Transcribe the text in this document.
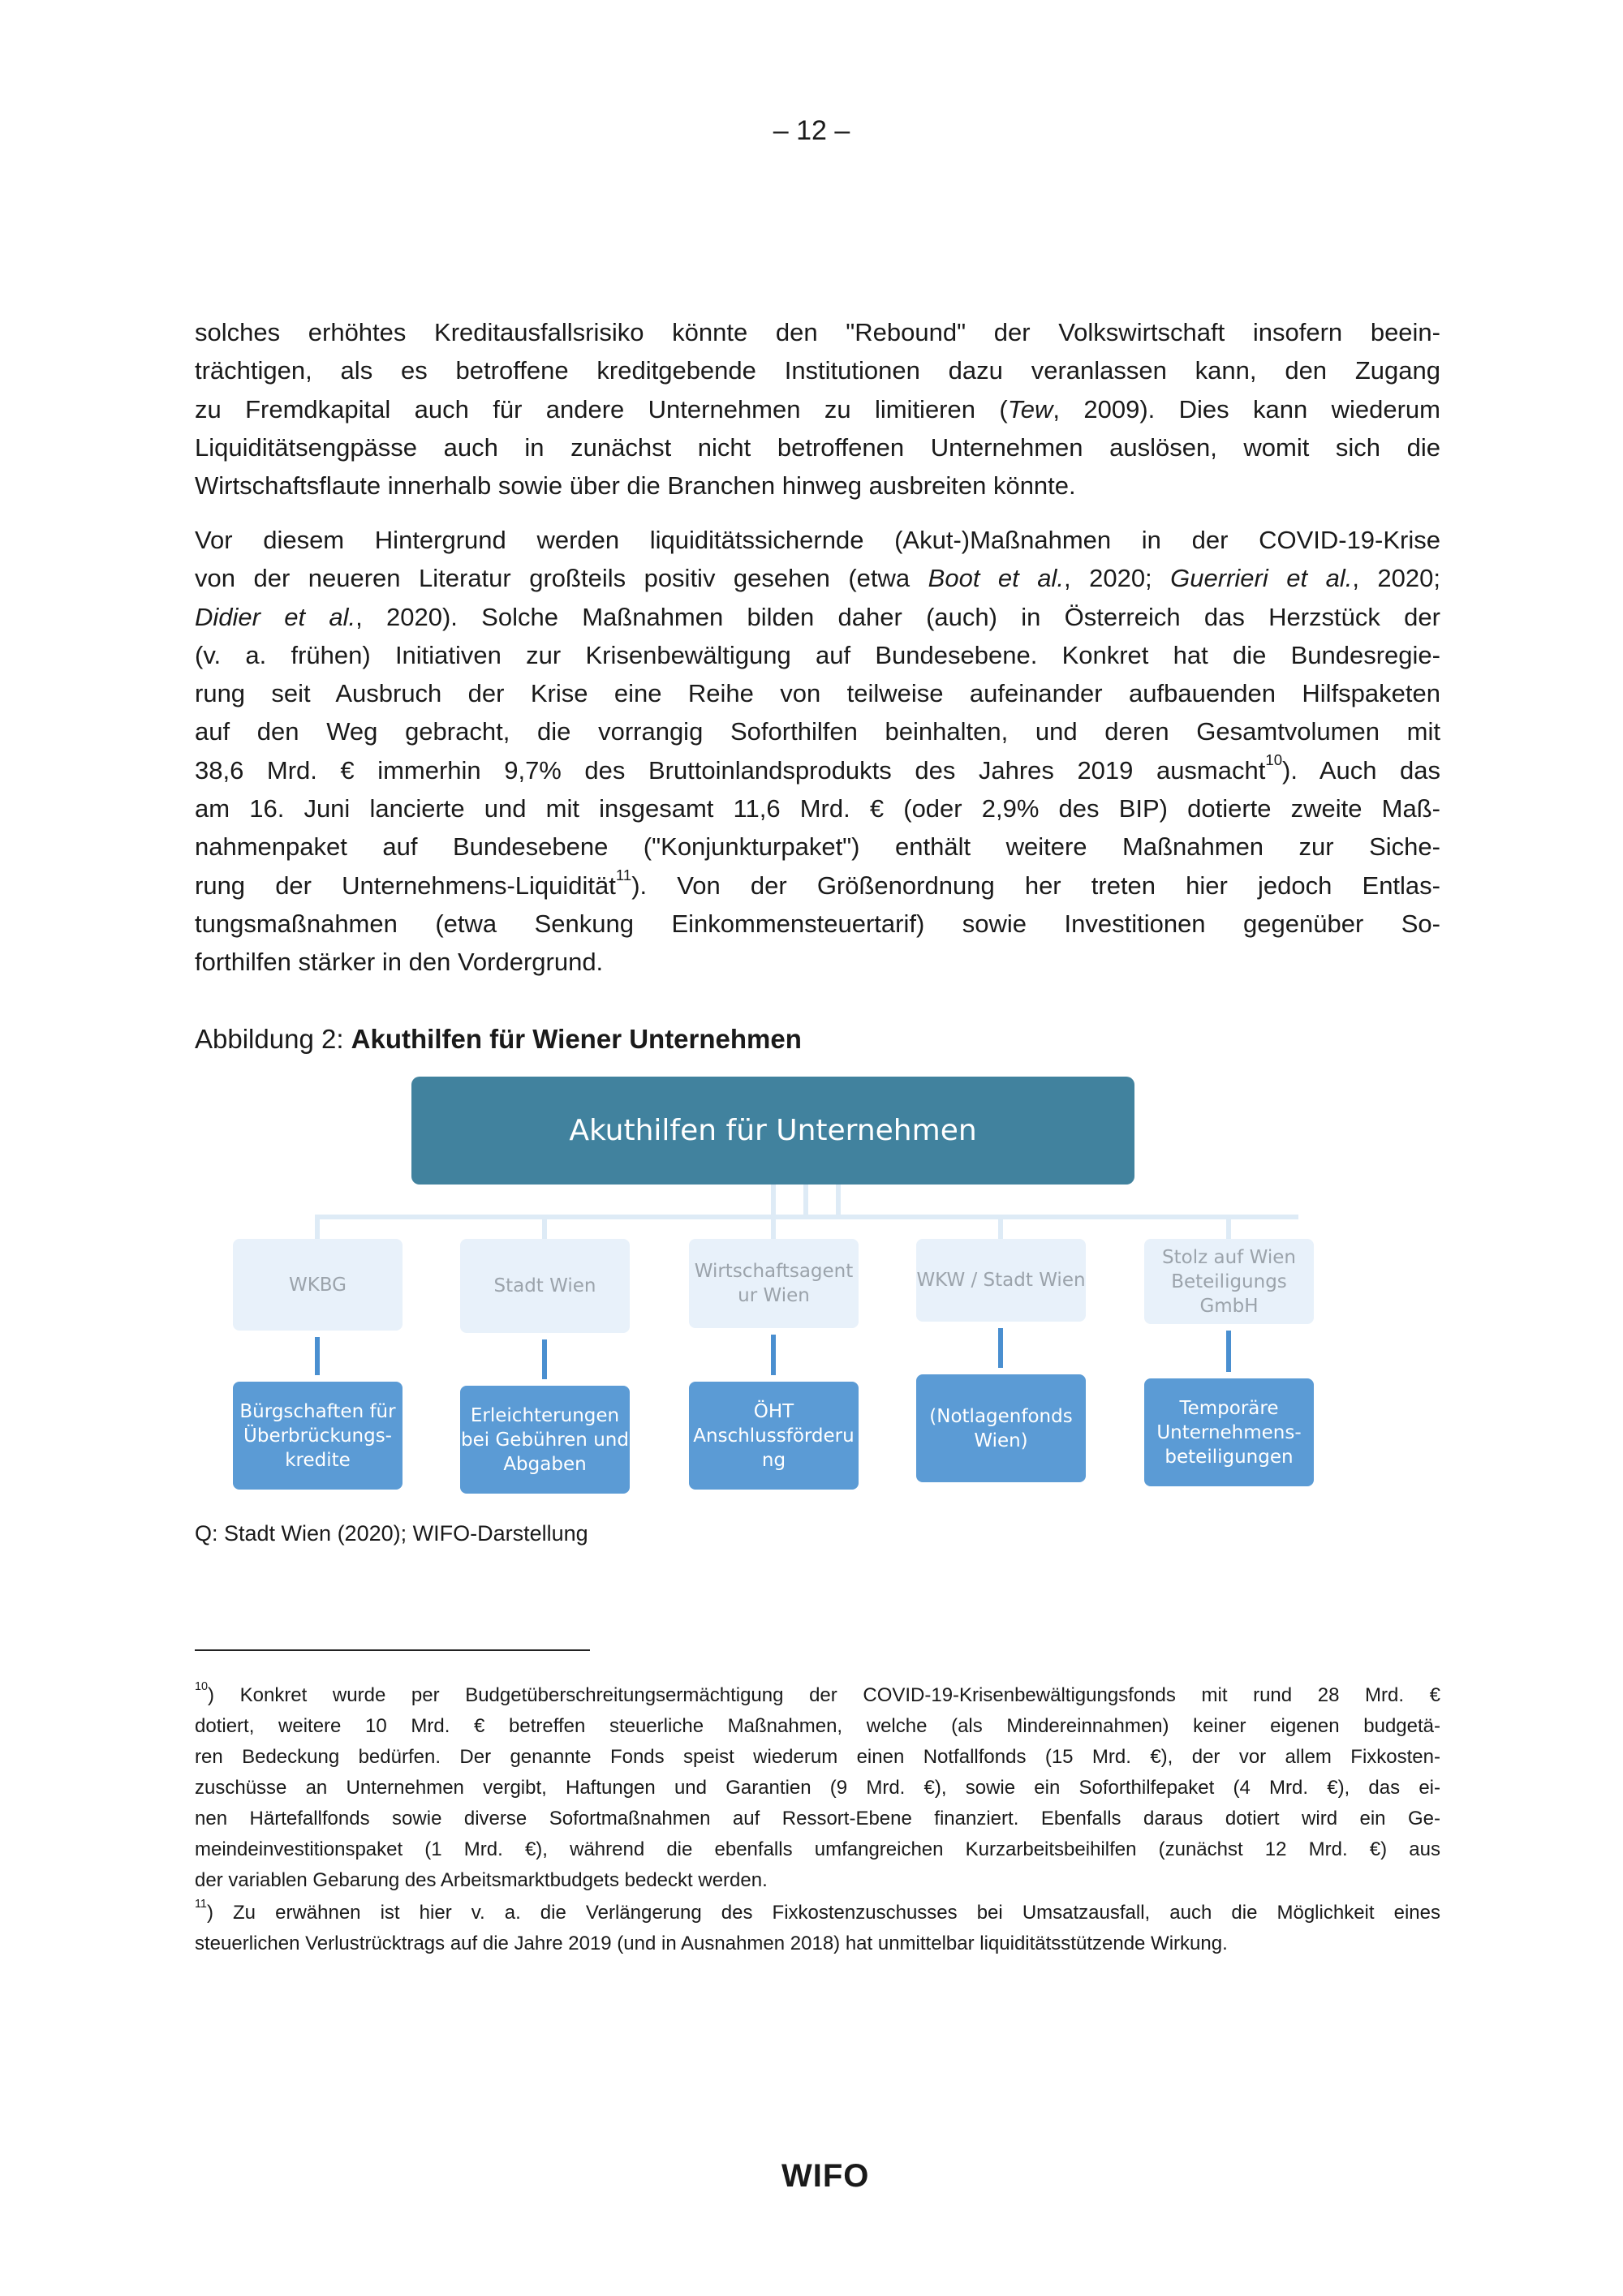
– 12 –
solches erhöhtes Kreditausfallsrisiko könnte den "Rebound" der Volkswirtschaft insofern beein-
trächtigen, als es betroffene kreditgebende Institutionen dazu veranlassen kann, den Zugang
zu Fremdkapital auch für andere Unternehmen zu limitieren (Tew, 2009). Dies kann wiederum
Liquiditätsengpässe auch in zunächst nicht betroffenen Unternehmen auslösen, womit sich die
Wirtschaftsflaute innerhalb sowie über die Branchen hinweg ausbreiten könnte.
Vor diesem Hintergrund werden liquiditätssichernde (Akut-)Maßnahmen in der COVID-19-Krise
von der neueren Literatur großteils positiv gesehen (etwa Boot et al., 2020; Guerrieri et al., 2020;
Didier et al., 2020). Solche Maßnahmen bilden daher (auch) in Österreich das Herzstück der
(v. a. frühen) Initiativen zur Krisenbewältigung auf Bundesebene. Konkret hat die Bundesregie-
rung seit Ausbruch der Krise eine Reihe von teilweise aufeinander aufbauenden Hilfspaketen
auf den Weg gebracht, die vorrangig Soforthilfen beinhalten, und deren Gesamtvolumen mit
38,6 Mrd. € immerhin 9,7% des Bruttoinlandsprodukts des Jahres 2019 ausmacht$^{10}$). Auch das
am 16. Juni lancierte und mit insgesamt 11,6 Mrd. € (oder 2,9% des BIP) dotierte zweite Maß-
nahmenpaket auf Bundesebene ("Konjunkturpaket") enthält weitere Maßnahmen zur Siche-
rung der Unternehmens-Liquidität$^{11}$). Von der Größenordnung her treten hier jedoch Entlas-
tungsmaßnahmen (etwa Senkung Einkommensteuertarif) sowie Investitionen gegenüber So-
forthilfen stärker in den Vordergrund.
Abbildung 2: Akuthilfen für Wiener Unternehmen
Akuthilfen für Unternehmen
WKBG
Bürgschaften für Überbrückungs-kredite
Stadt Wien
Erleichterungen bei Gebühren und Abgaben
Wirtschaftsagent ur Wien
ÖHT Anschlussförderu ng
WKW / Stadt Wien
(Notlagenfonds Wien)
Stolz auf Wien Beteiligungs GmbH
Temporäre Unternehmens-beteiligungen
Q: Stadt Wien (2020); WIFO-Darstellung
$^{10}$) Konkret wurde per Budgetüberschreitungsermächtigung der COVID-19-Krisenbewältigungsfonds mit rund 28 Mrd. €
dotiert, weitere 10 Mrd. € betreffen steuerliche Maßnahmen, welche (als Mindereinnahmen) keiner eigenen budgetä-
ren Bedeckung bedürfen. Der genannte Fonds speist wiederum einen Notfallfonds (15 Mrd. €), der vor allem Fixkosten-
zuschüsse an Unternehmen vergibt, Haftungen und Garantien (9 Mrd. €), sowie ein Soforthilfepaket (4 Mrd. €), das ei-
nen Härtefallfonds sowie diverse Sofortmaßnahmen auf Ressort-Ebene finanziert. Ebenfalls daraus dotiert wird ein Ge-
meindeinvestitionspaket (1 Mrd. €), während die ebenfalls umfangreichen Kurzarbeitsbeihilfen (zunächst 12 Mrd. €) aus
der variablen Gebarung des Arbeitsmarktbudgets bedeckt werden.
$^{11}$) Zu erwähnen ist hier v. a. die Verlängerung des Fixkostenzuschusses bei Umsatzausfall, auch die Möglichkeit eines
steuerlichen Verlustrücktrags auf die Jahre 2019 (und in Ausnahmen 2018) hat unmittelbar liquiditätsstützende Wirkung.
WIFO
